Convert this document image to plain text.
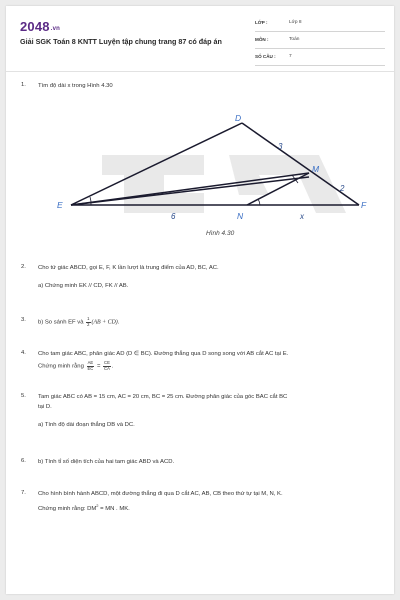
2048.vn
Giải SGK Toán 8 KNTT Luyện tập chung trang 87 có đáp án
LỚP :	Lớp 8
MÔN :	Toán
SỐ CÂU :	7
1. Tìm độ dài x trong Hình 4.30
D
E	F
M
N
3
2
6	x
Hình 4.30
2. Cho tứ giác ABCD, gọi E, F, K lần lượt là trung điểm của AD, BC, AC.
a) Chứng minh EK // CD, FK // AB.
3. b) So sánh EF và $\frac{1}{2} (AB + CD)$.
4. Cho tam giác ABC, phân giác AD (D ∈ BC). Đường thẳng qua D song song với AB cắt AC tại E.
Chứng minh rằng $\frac{AE}{EC} = \frac{CE}{CA}$ .
5. Tam giác ABC có AB = 15 cm, AC = 20 cm, BC = 25 cm. Đường phân giác của góc BAC cắt BC
tại D.
a) Tính độ dài đoạn thẳng DB và DC.
6. b) Tính tỉ số diện tích của hai tam giác ABD và ACD.
7. Cho hình bình hành ABCD, một đường thẳng đi qua D cắt AC, AB, CB theo thứ tự tại M, N, K.
Chứng minh rằng: $DM^2$ = MN . MK.
